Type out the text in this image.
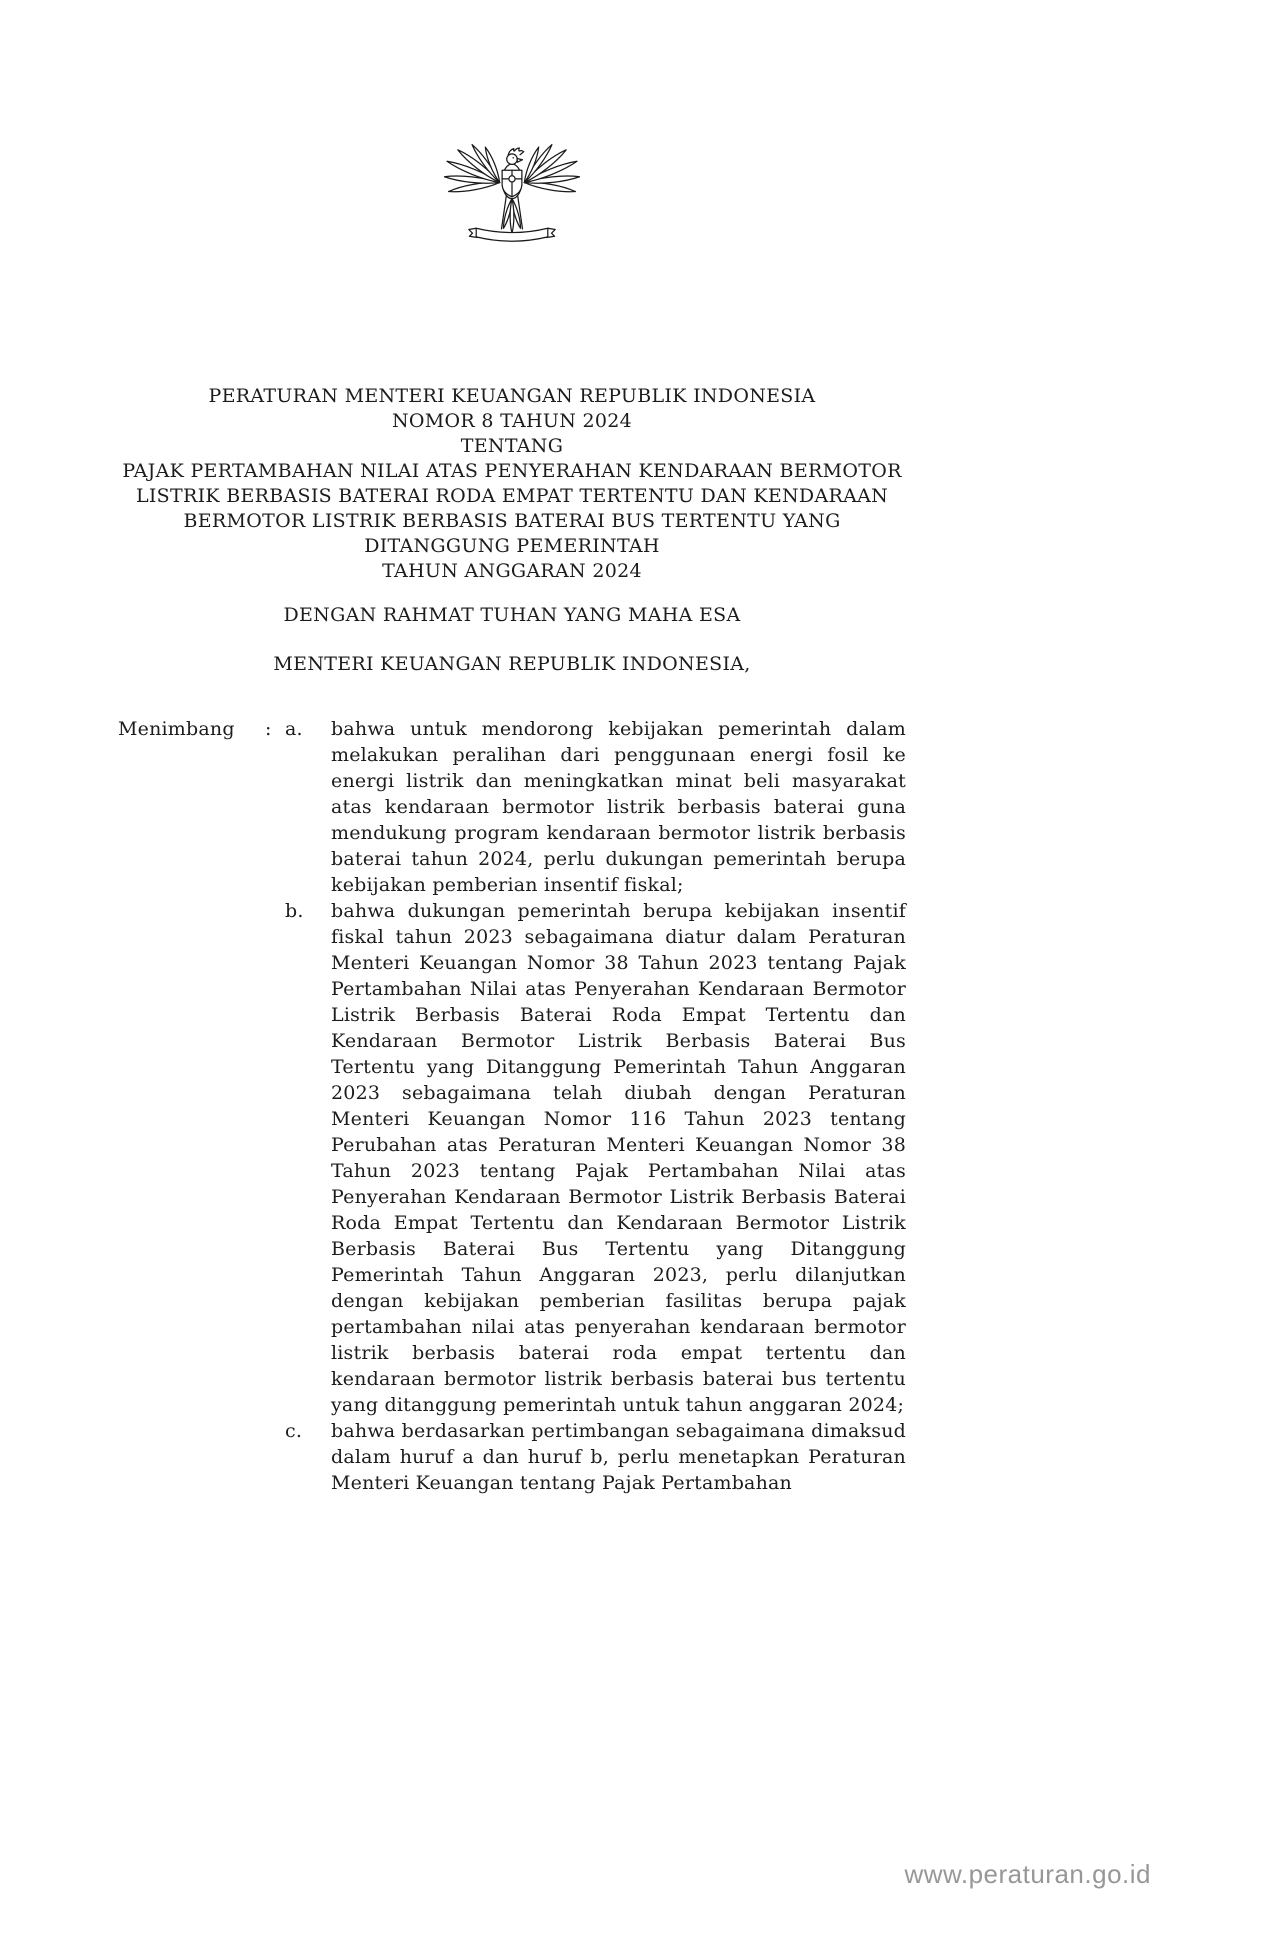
PERATURAN MENTERI KEUANGAN REPUBLIK INDONESIA
NOMOR 8 TAHUN 2024
TENTANG
PAJAK PERTAMBAHAN NILAI ATAS PENYERAHAN KENDARAAN BERMOTOR
LISTRIK BERBASIS BATERAI RODA EMPAT TERTENTU DAN KENDARAAN
BERMOTOR LISTRIK BERBASIS BATERAI BUS TERTENTU YANG
DITANGGUNG PEMERINTAH
TAHUN ANGGARAN 2024
DENGAN RAHMAT TUHAN YANG MAHA ESA
MENTERI KEUANGAN REPUBLIK INDONESIA,
Menimbang	: a.	bahwa untuk mendorong kebijakan pemerintah dalam melakukan peralihan dari penggunaan energi fosil ke energi listrik dan meningkatkan minat beli masyarakat atas kendaraan bermotor listrik berbasis baterai guna mendukung program kendaraan bermotor listrik berbasis baterai tahun 2024, perlu dukungan pemerintah berupa kebijakan pemberian insentif fiskal;
b.	bahwa dukungan pemerintah berupa kebijakan insentif fiskal tahun 2023 sebagaimana diatur dalam Peraturan Menteri Keuangan Nomor 38 Tahun 2023 tentang Pajak Pertambahan Nilai atas Penyerahan Kendaraan Bermotor Listrik Berbasis Baterai Roda Empat Tertentu dan Kendaraan Bermotor Listrik Berbasis Baterai Bus Tertentu yang Ditanggung Pemerintah Tahun Anggaran 2023 sebagaimana telah diubah dengan Peraturan Menteri Keuangan Nomor 116 Tahun 2023 tentang Perubahan atas Peraturan Menteri Keuangan Nomor 38 Tahun 2023 tentang Pajak Pertambahan Nilai atas Penyerahan Kendaraan Bermotor Listrik Berbasis Baterai Roda Empat Tertentu dan Kendaraan Bermotor Listrik Berbasis Baterai Bus Tertentu yang Ditanggung Pemerintah Tahun Anggaran 2023, perlu dilanjutkan dengan kebijakan pemberian fasilitas berupa pajak pertambahan nilai atas penyerahan kendaraan bermotor listrik berbasis baterai roda empat tertentu dan kendaraan bermotor listrik berbasis baterai bus tertentu yang ditanggung pemerintah untuk tahun anggaran 2024;
c.	bahwa berdasarkan pertimbangan sebagaimana dimaksud dalam huruf a dan huruf b, perlu menetapkan Peraturan Menteri Keuangan tentang Pajak Pertambahan
www.peraturan.go.id
